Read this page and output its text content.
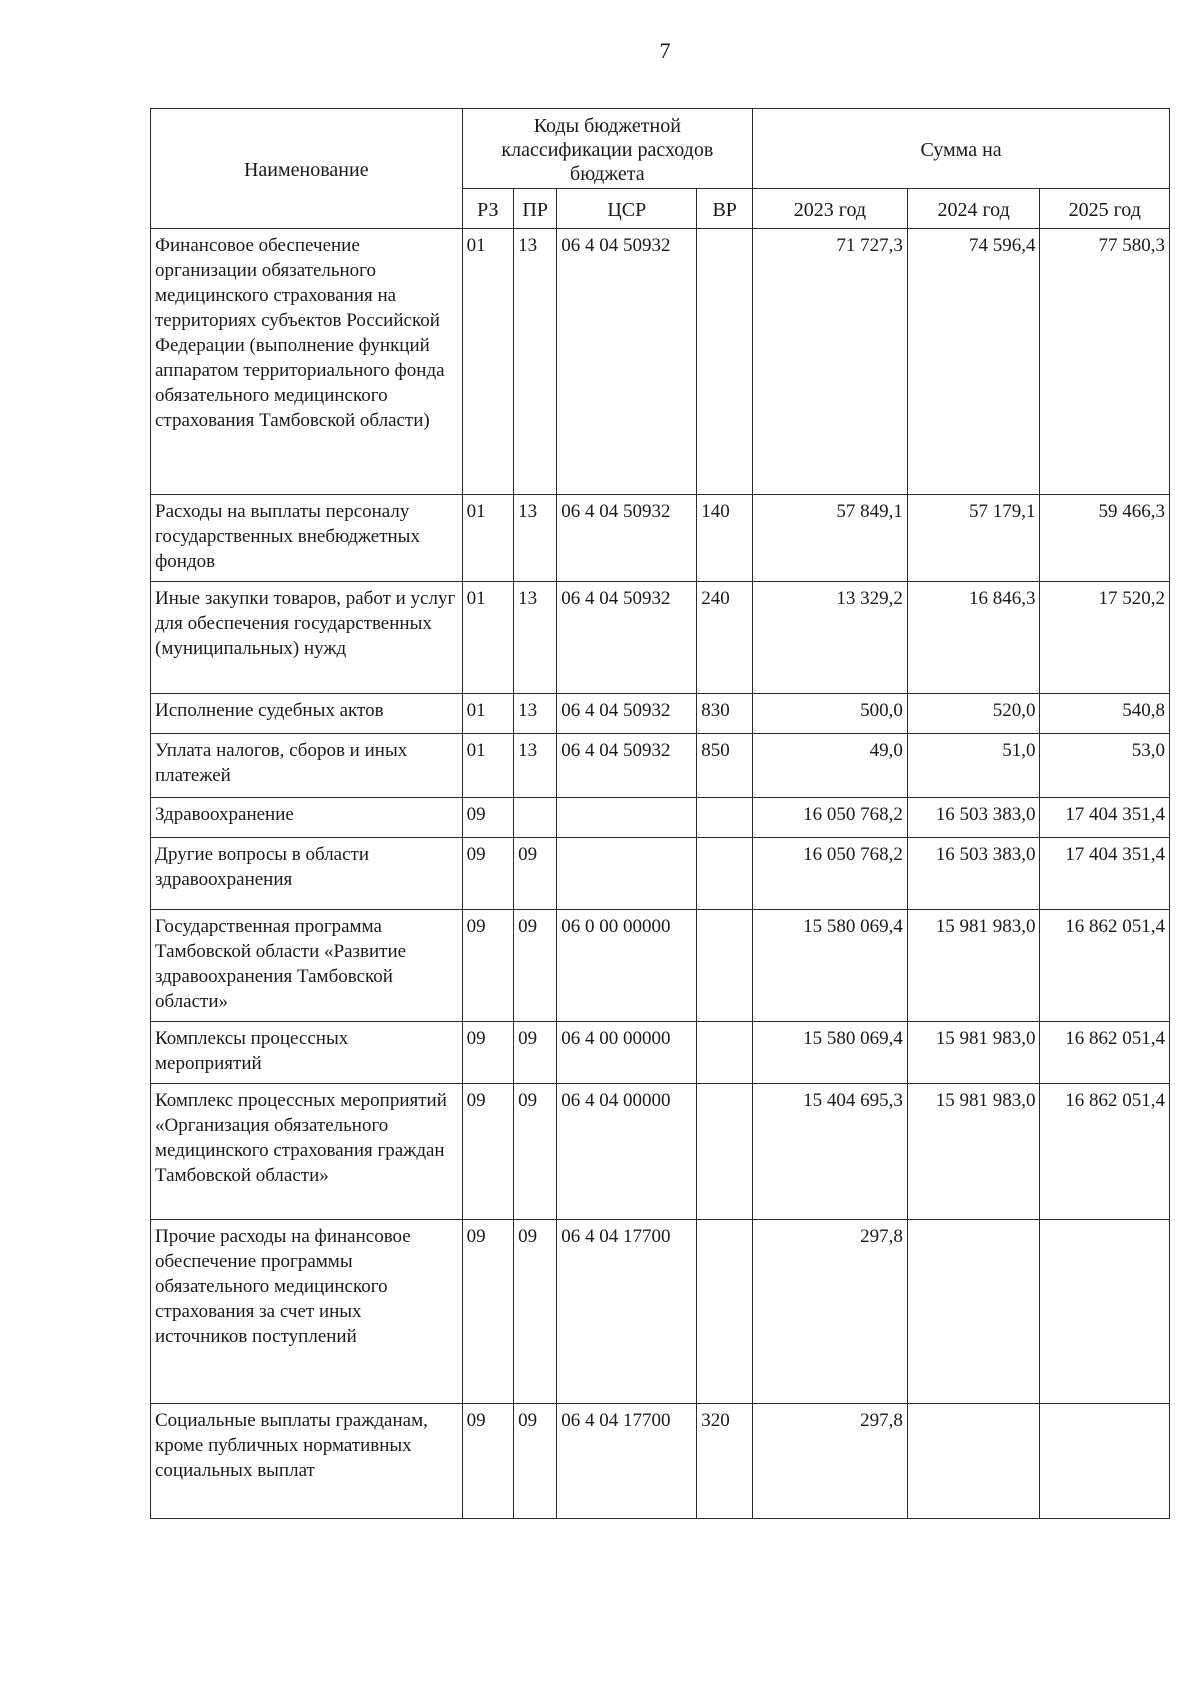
7
Наименование	Коды бюджетной классификации расходов бюджета				Сумма на		
	РЗ	ПР	ЦСР	ВР	2023 год	2024 год	2025 год
Финансовое обеспечение организации обязательного медицинского страхования на территориях субъектов Российской Федерации (выполнение функций аппаратом территориального фонда обязательного медицинского страхования Тамбовской области)	01	13	06 4 04 50932		71 727,3	74 596,4	77 580,3
Расходы на выплаты персоналу государственных внебюджетных фондов	01	13	06 4 04 50932	140	57 849,1	57 179,1	59 466,3
Иные закупки товаров, работ и услуг для обеспечения государственных (муниципальных) нужд	01	13	06 4 04 50932	240	13 329,2	16 846,3	17 520,2
Исполнение судебных актов	01	13	06 4 04 50932	830	500,0	520,0	540,8
Уплата налогов, сборов и иных платежей	01	13	06 4 04 50932	850	49,0	51,0	53,0
Здравоохранение	09				16 050 768,2	16 503 383,0	17 404 351,4
Другие вопросы в области здравоохранения	09	09			16 050 768,2	16 503 383,0	17 404 351,4
Государственная программа Тамбовской области «Развитие здравоохранения Тамбовской области»	09	09	06 0 00 00000		15 580 069,4	15 981 983,0	16 862 051,4
Комплексы процессных мероприятий	09	09	06 4 00 00000		15 580 069,4	15 981 983,0	16 862 051,4
Комплекс процессных мероприятий «Организация обязательного медицинского страхования граждан Тамбовской области»	09	09	06 4 04 00000		15 404 695,3	15 981 983,0	16 862 051,4
Прочие расходы на финансовое обеспечение программы обязательного медицинского страхования за счет иных источников поступлений	09	09	06 4 04 17700		297,8		
Социальные выплаты гражданам, кроме публичных нормативных социальных выплат	09	09	06 4 04 17700	320	297,8		
